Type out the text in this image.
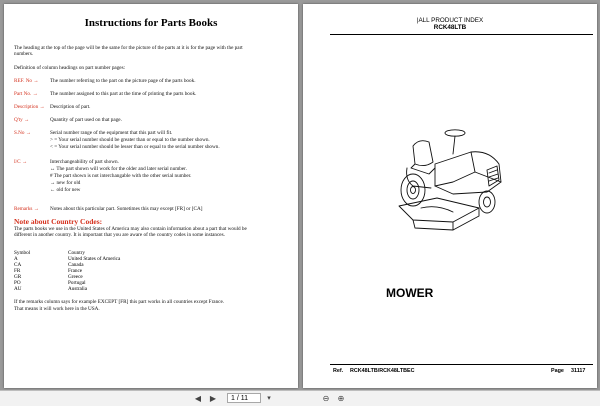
Instructions for Parts Books
The heading at the top of the page will be the same for the picture of the parts at it is for the page with the part
numbers.
Definition of column headings on part number pages:
REF. No → The number referring to the part on the picture page of the parts book.
Part No. → The number assigned to this part at the time of printing the parts book.
Description → Description of part.
Q'ty →	Quantity of part used on that page.
S.No →	Serial number range of the equipment that this part will fit.
> = Your serial number should be greater than or equal to the number shown.
< = Your serial number should be lesser than or equal to the serial number shown.
I/C →	Interchangeability of part shown.
↔ The part shown will work for the older and later serial number.
# The part shown is not interchangable with the other serial number.
→ new for old
← old for new
Remarks → Notes about this particular part. Sometimes this may except [FR] or [CA]
Note about Country Codes:
The parts books we use in the United States of America may also contain information about a part that would be
different in another country. It is important that you are aware of the country codes in some instances.
Symbol	Country
A	United States of America
CA	Canada
FR	France
GR	Greece
PO	Portugal
AU	Australia
If the remarks column says for example EXCEPT [FR] this part works in all countries except France.
That means it will work here in the USA.
|ALL PRODUCT INDEX
RCK48LTB
MOWER
Ref. RCK48LTB/RCK48LTBEC	Page 31117
◀	▶	1 / 11	▾	⊖	⊕
